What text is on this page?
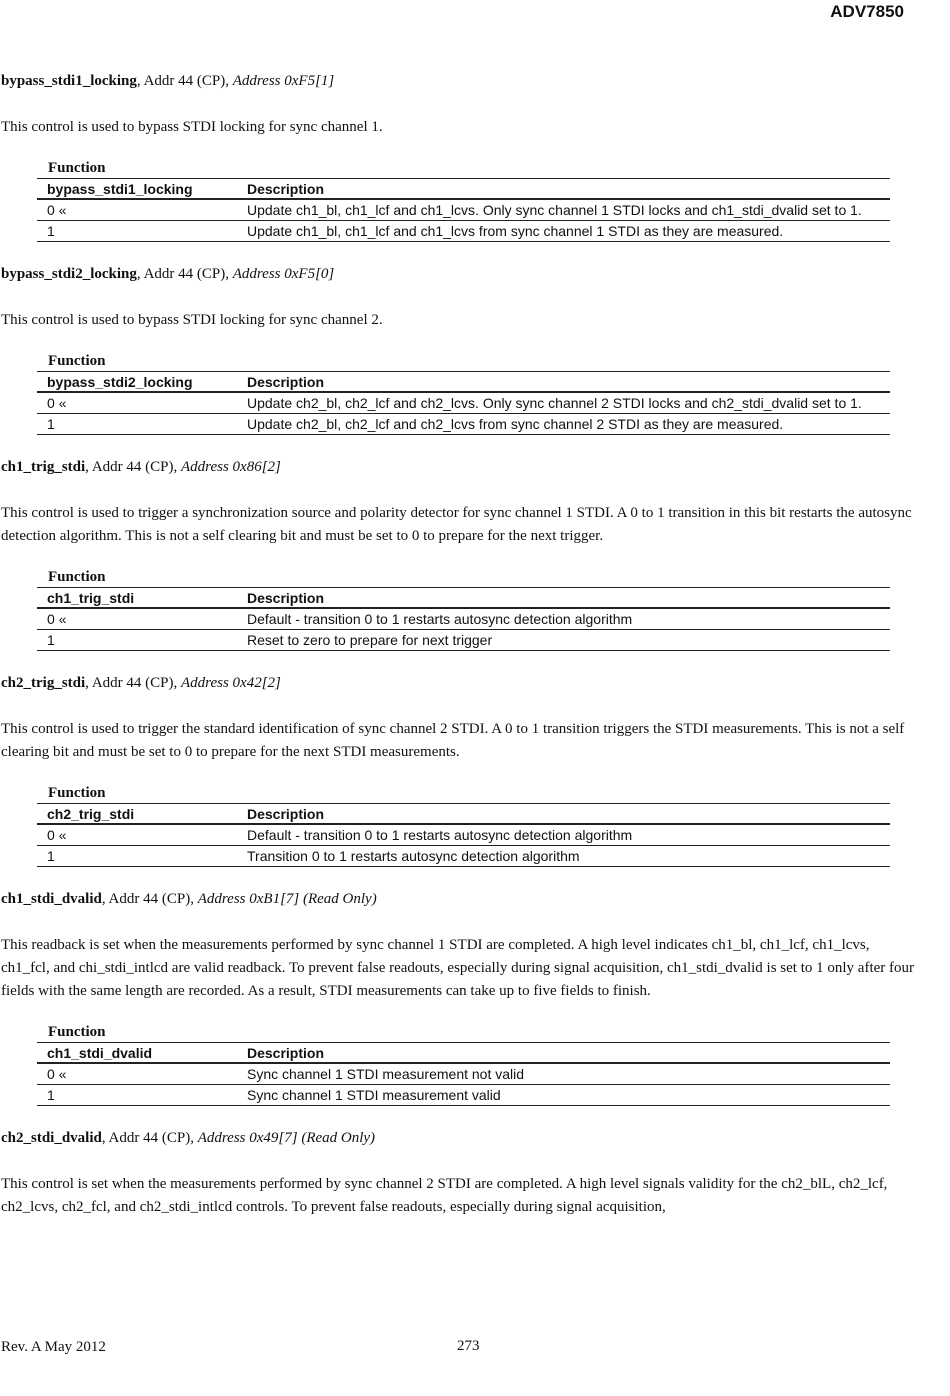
ADV7850
bypass_stdi1_locking, Addr 44 (CP), Address 0xF5[1]
This control is used to bypass STDI locking for sync channel 1.
Function
bypass_stdi1_locking	Description
0 «	Update ch1_bl, ch1_lcf and ch1_lcvs. Only sync channel 1 STDI locks and ch1_stdi_dvalid set to 1.
1	Update ch1_bl, ch1_lcf and ch1_lcvs from sync channel 1 STDI as they are measured.
bypass_stdi2_locking, Addr 44 (CP), Address 0xF5[0]
This control is used to bypass STDI locking for sync channel 2.
Function
bypass_stdi2_locking	Description
0 «	Update ch2_bl, ch2_lcf and ch2_lcvs. Only sync channel 2 STDI locks and ch2_stdi_dvalid set to 1.
1	Update ch2_bl, ch2_lcf and ch2_lcvs from sync channel 2 STDI as they are measured.
ch1_trig_stdi, Addr 44 (CP), Address 0x86[2]
This control is used to trigger a synchronization source and polarity detector for sync channel 1 STDI. A 0 to 1 transition in this bit restarts the autosync detection algorithm. This is not a self clearing bit and must be set to 0 to prepare for the next trigger.
Function
ch1_trig_stdi	Description
0 «	Default - transition 0 to 1 restarts autosync detection algorithm
1	Reset to zero to prepare for next trigger
ch2_trig_stdi, Addr 44 (CP), Address 0x42[2]
This control is used to trigger the standard identification of sync channel 2 STDI. A 0 to 1 transition triggers the STDI measurements. This is not a self clearing bit and must be set to 0 to prepare for the next STDI measurements.
Function
ch2_trig_stdi	Description
0 «	Default - transition 0 to 1 restarts autosync detection algorithm
1	Transition 0 to 1 restarts autosync detection algorithm
ch1_stdi_dvalid, Addr 44 (CP), Address 0xB1[7] (Read Only)
This readback is set when the measurements performed by sync channel 1 STDI are completed. A high level indicates ch1_bl, ch1_lcf, ch1_lcvs, ch1_fcl, and chi_stdi_intlcd are valid readback. To prevent false readouts, especially during signal acquisition, ch1_stdi_dvalid is set to 1 only after four fields with the same length are recorded. As a result, STDI measurements can take up to five fields to finish.
Function
ch1_stdi_dvalid	Description
0 «	Sync channel 1 STDI measurement not valid
1	Sync channel 1 STDI measurement valid
ch2_stdi_dvalid, Addr 44 (CP), Address 0x49[7] (Read Only)
This control is set when the measurements performed by sync channel 2 STDI are completed. A high level signals validity for the ch2_blL, ch2_lcf, ch2_lcvs, ch2_fcl, and ch2_stdi_intlcd controls. To prevent false readouts, especially during signal acquisition,
Rev. A May 2012	273
